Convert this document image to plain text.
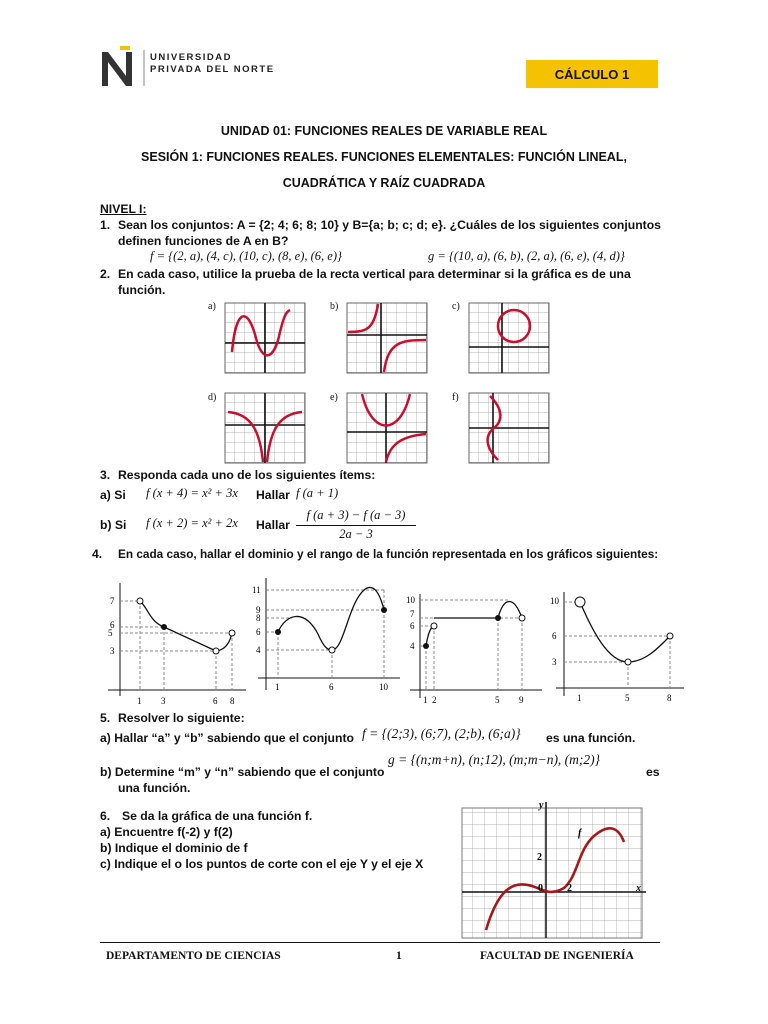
UNIVERSIDAD
PRIVADA DEL NORTE	CÁLCULO 1
UNIDAD 01: FUNCIONES REALES DE VARIABLE REAL
SESIÓN 1: FUNCIONES REALES. FUNCIONES ELEMENTALES: FUNCIÓN LINEAL,
CUADRÁTICA Y RAÍZ CUADRADA
NIVEL I:
1. Sean los conjuntos: A = {2; 4; 6; 8; 10} y B={a; b; c; d; e}. ¿Cuáles de los siguientes conjuntos
definen funciones de A en B?
f = {(2, a), (4, c), (10, c), (8, e), (6, e)}	g = {(10, a), (6, b), (2, a), (6, e), (4, d)}
2. En cada caso, utilice la prueba de la recta vertical para determinar si la gráfica es de una
función.
a)	b)	c)
d)	e)	f)
3. Responda cada uno de los siguientes ítems:
a) Si f (x + 4) = x² + 3x Hallar f (a + 1)
b) Si f (x + 2) = x² + 2x Hallar
f (a + 3) − f (a − 3)
2a − 3
4. En cada caso, hallar el dominio y el rango de la función representada en los gráficos siguientes:
7
6
5
3
1 3	6 8
11
9
8
6
4
1	6	10
10
7
6
4
1 2	5 9
10
6
3
1	5	8
5. Resolver lo siguiente:
a) Hallar “a” y “b” sabiendo que el conjunto f = {(2;3), (6;7), (2;b), (6;a)} es una función.
b) Determine “m” y “n” sabiendo que el conjunto
g = {(n;m+n), (n;12), (m;m−n), (m;2)}
es
una función.
6. Se da la gráfica de una función f.
a) Encuentre f(-2) y f(2)
b) Indique el dominio de f
c) Indique el o los puntos de corte con el eje Y y el eje X
y
x
f
2
0 2
DEPARTAMENTO DE CIENCIAS	1	FACULTAD DE INGENIERÍA
